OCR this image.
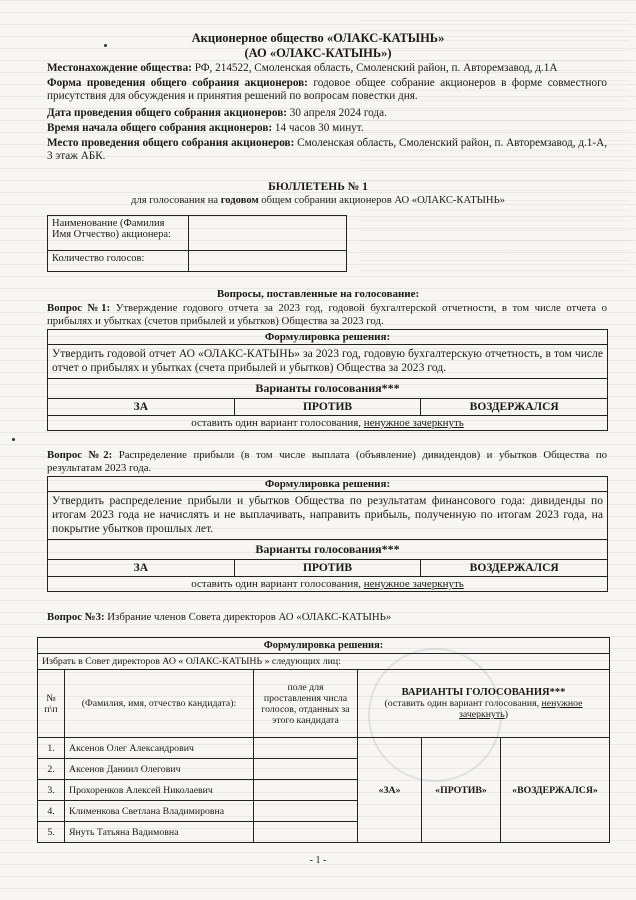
Акционерное общество «ОЛАКС-КАТЫНЬ»
(АО «ОЛАКС-КАТЫНЬ»)
Местонахождение общества: РФ, 214522, Смоленская область, Смоленский район, п. Авторемзавод, д.1А
Форма проведения общего собрания акционеров: годовое общее собрание акционеров в форме совместного присутствия для обсуждения и принятия решений по вопросам повестки дня.
Дата проведения общего собрания акционеров: 30 апреля 2024 года.
Время начала общего собрания акционеров: 14 часов 30 минут.
Место проведения общего собрания акционеров: Смоленская область, Смоленский район, п. Авторемзавод, д.1-А, 3 этаж АБК.
БЮЛЛЕТЕНЬ № 1
для голосования на годовом общем собрании акционеров АО «ОЛАКС-КАТЫНЬ»
Наименование (Фамилия Имя Отчество) акционера:	
Количество голосов:	
Вопросы, поставленные на голосование:
Вопрос №1: Утверждение годового отчета за 2023 год, годовой бухгалтерской отчетности, в том числе отчета о прибылях и убытках (счетов прибылей и убытков) Общества за 2023 год.
Формулировка решения:
Утвердить годовой отчет АО «ОЛАКС-КАТЫНЬ» за 2023 год, годовую бухгалтерскую отчетность, в том числе отчет о прибылях и убытках (счета прибылей и убытков) Общества за 2023 год.
Варианты голосования***
ЗА	ПРОТИВ	ВОЗДЕРЖАЛСЯ
оставить один вариант голосования, ненужное зачеркнуть
Вопрос №2: Распределение прибыли (в том числе выплата (объявление) дивидендов) и убытков Общества по результатам 2023 года.
Формулировка решения:
Утвердить распределение прибыли и убытков Общества по результатам финансового года: дивиденды по итогам 2023 года не начислять и не выплачивать, направить прибыль, полученную по итогам 2023 года, на покрытие убытков прошлых лет.
Варианты голосования***
ЗА	ПРОТИВ	ВОЗДЕРЖАЛСЯ
оставить один вариант голосования, ненужное зачеркнуть
Вопрос №3: Избрание членов Совета директоров АО «ОЛАКС-КАТЫНЬ»
Формулировка решения:					
Избрать в Совет директоров АО « ОЛАКС-КАТЫНЬ » следующих лиц:					
№ п\п	(Фамилия, имя, отчество кандидата):	поле для проставления числа голосов, отданных за этого кандидата	ВАРИАНТЫ ГОЛОСОВАНИЯ***
(оставить один вариант голосования, ненужное зачеркнуть)		

1.	Аксенов Олег Александрович		«ЗА»	«ПРОТИВ»	«ВОЗДЕРЖАЛСЯ»
2.	Аксенов Даниил Олегович				
3.	Прохоренков Алексей Николаевич				
4.	Клименкова Светлана Владимировна				
5.	Януть Татьяна Вадимовна				
- 1 -
